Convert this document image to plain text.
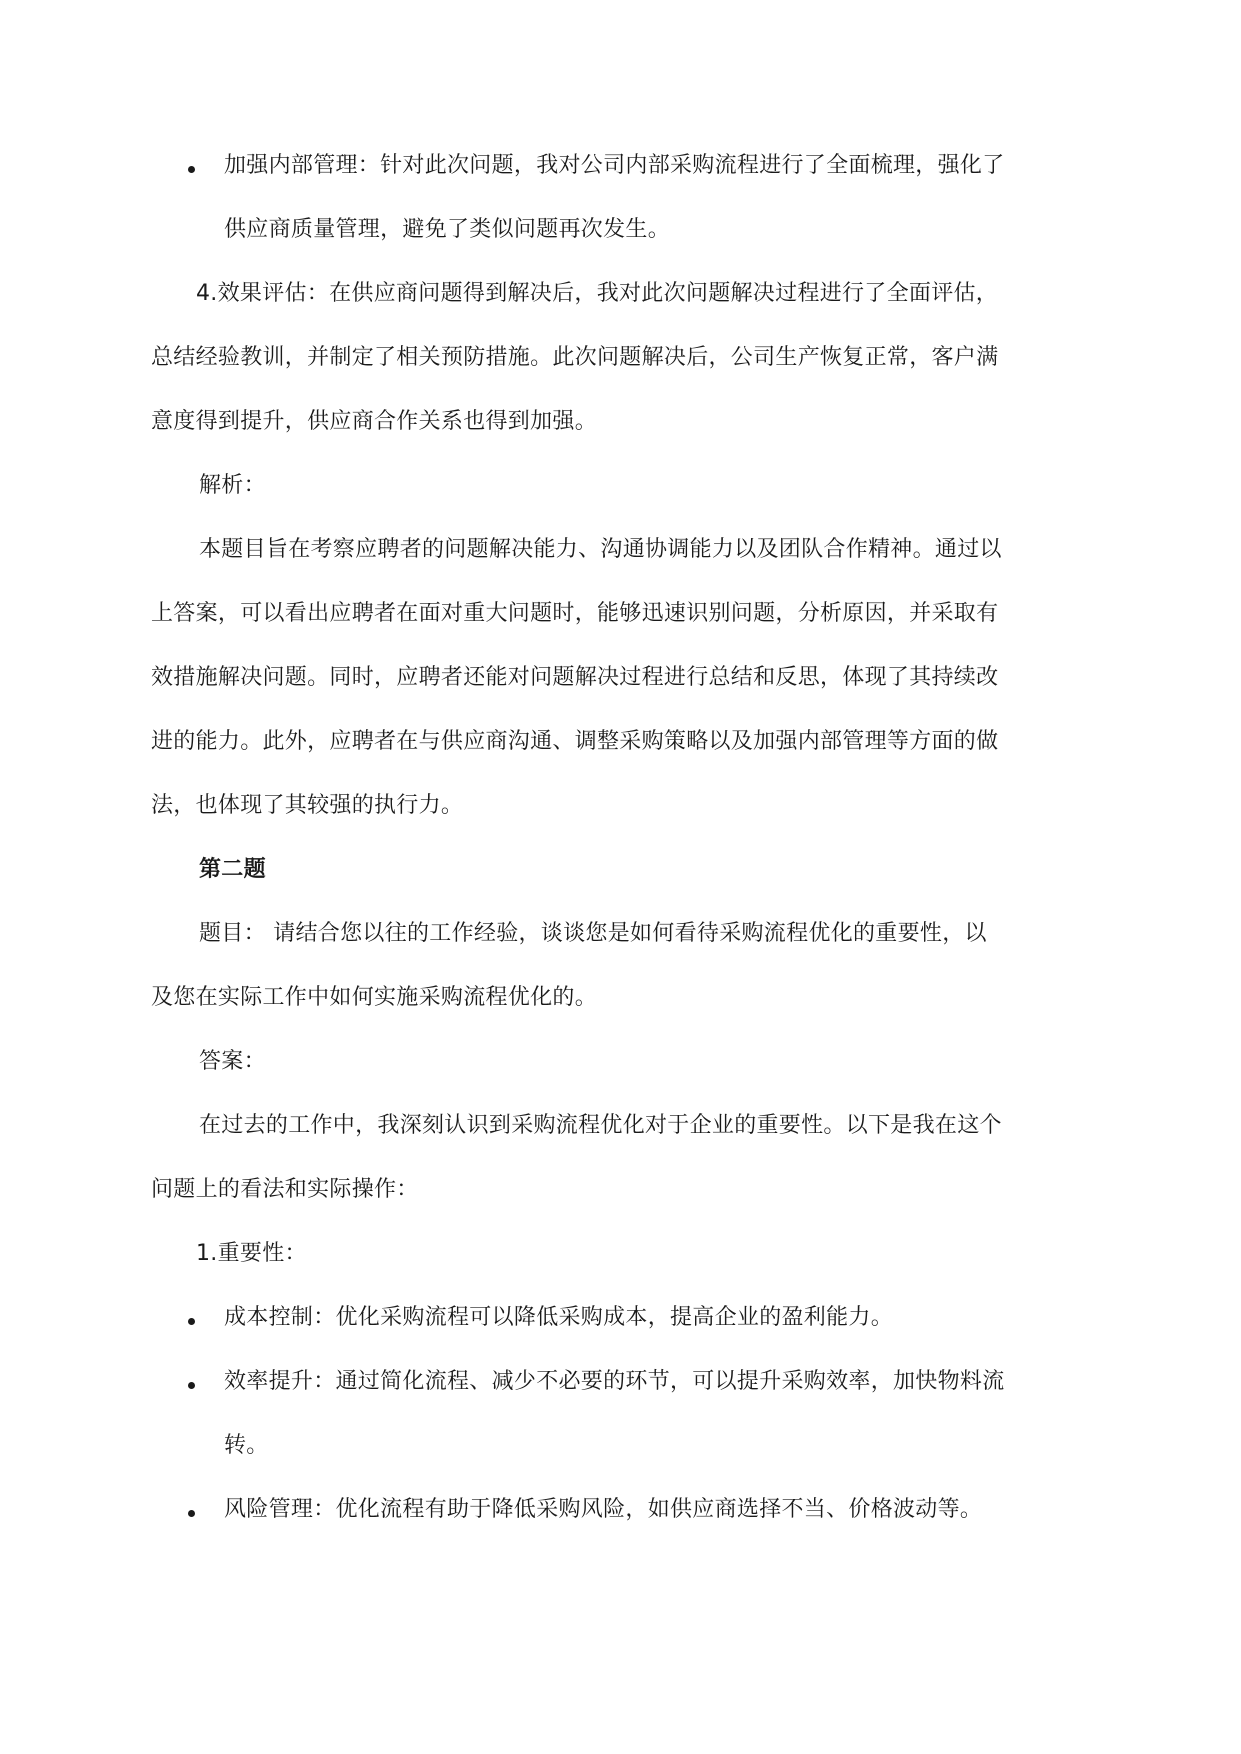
加强内部管理：针对此次问题，我对公司内部采购流程进行了全面梳理，强化了
供应商质量管理，避免了类似问题再次发生。
4.效果评估：在供应商问题得到解决后，我对此次问题解决过程进行了全面评估，
总结经验教训，并制定了相关预防措施。此次问题解决后，公司生产恢复正常，客户满
意度得到提升，供应商合作关系也得到加强。
解析：
本题目旨在考察应聘者的问题解决能力、沟通协调能力以及团队合作精神。通过以
上答案，可以看出应聘者在面对重大问题时，能够迅速识别问题，分析原因，并采取有
效措施解决问题。同时，应聘者还能对问题解决过程进行总结和反思，体现了其持续改
进的能力。此外，应聘者在与供应商沟通、调整采购策略以及加强内部管理等方面的做
法，也体现了其较强的执行力。
第二题
题目： 请结合您以往的工作经验，谈谈您是如何看待采购流程优化的重要性，以
及您在实际工作中如何实施采购流程优化的。
答案：
在过去的工作中，我深刻认识到采购流程优化对于企业的重要性。以下是我在这个
问题上的看法和实际操作：
1.重要性：
成本控制：优化采购流程可以降低采购成本，提高企业的盈利能力。
效率提升：通过简化流程、减少不必要的环节，可以提升采购效率，加快物料流
转。
风险管理：优化流程有助于降低采购风险，如供应商选择不当、价格波动等。
